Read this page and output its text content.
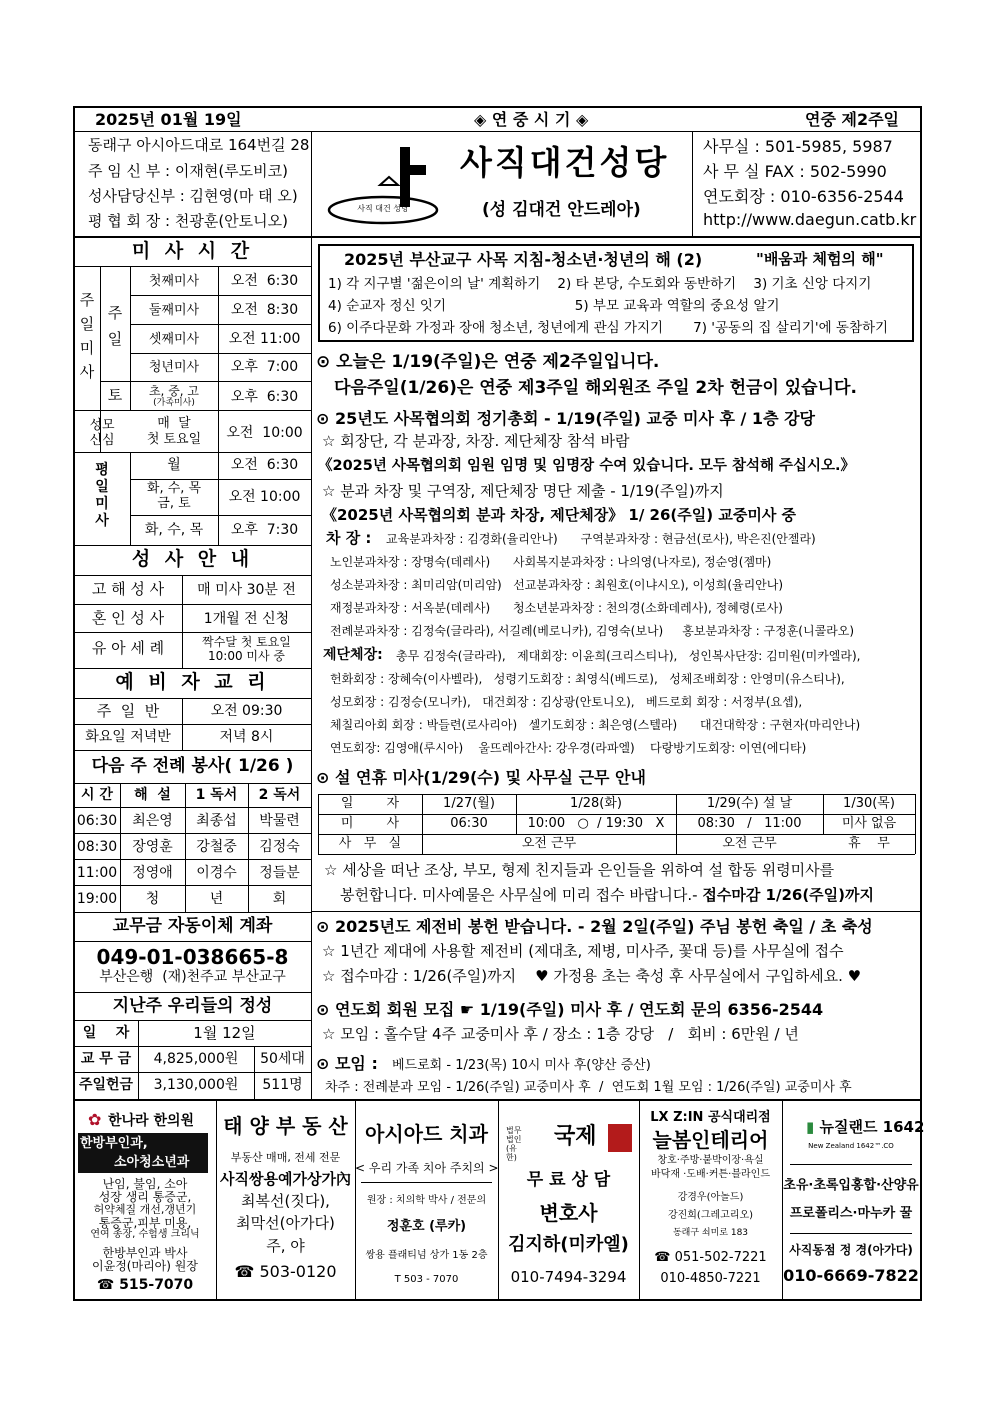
2025년 01월 19일	◈ 연 중 시 기 ◈	연중 제2주일
동래구 아시아드대로 164번길 28
주 임 신 부 : 이재현(루도비코)
성사담당신부 : 김현영(마 태 오)
평 협 회 장 : 천광훈(안토니오)
사직 대건 성당
사직대건성당
(성 김대건 안드레아)
사무실 : 501-5985, 5987
사 무 실 FAX : 502-5990
연도회장 : 010-6356-2544
http://www.daegun.catb.kr
미 사 시 간
주
일
미
사
주
일
토
첫째미사	오전  6:30
둘째미사	오전  8:30
셋째미사	오전 11:00
청년미사	오후  7:00
초, 중, 고
(가족미사)	오후  6:30
성모
신심
매  달
첫 토요일	오전  10:00
평
일
미
사
월	오전  6:30
화, 수, 목
금, 토	오전 10:00
화, 수, 목	오후  7:30
성 사 안 내
고 해 성 사	매 미사 30분 전
혼 인 성 사	1개월 전 신청
유 아 세 례	짝수달 첫 토요일
10:00 미사 중
예 비 자 교 리
주  일  반	오전 09:30
화요일 저녁반	저녁 8시
다음 주 전례 봉사( 1/26 )
시 간	해  설	1 독서	2 독서
06:30	최은영	최종섭	박물련
08:30	장영훈	강철중	김정숙
11:00	정영애	이경수	정들분
19:00	청	년	회
교무금 자동이체 계좌
049-01-038665-8
부산은행  (재)천주교 부산교구
지난주 우리들의 정성
일    자	1월 12일
교 무 금	4,825,000원	50세대
주일헌금	3,130,000원	511명
2025년 부산교구 사목 지침-청소년·청년의 해 (2)	"배움과 체험의 해"
1) 각 지구별 '젊은이의 날' 계획하기    2) 타 본당, 수도회와 동반하기    3) 기초 신앙 다지기
4) 순교자 정신 잇기                              5) 부모 교육과 역할의 중요성 알기
6) 이주다문화 가정과 장애 청소년, 청년에게 관심 가지기       7) '공동의 집 살리기'에 동참하기
⊙ 오늘은 1/19(주일)은 연중 제2주일입니다.
다음주일(1/26)은 연중 제3주일 해외원조 주일 2차 헌금이 있습니다.
⊙ 25년도 사목협의회 정기총회 - 1/19(주일) 교중 미사 후 / 1층 강당
☆ 회장단, 각 분과장, 차장. 제단체장 참석 바람
《2025년 사목협의회 임원 임명 및 임명장 수여 있습니다. 모두 참석해 주십시오.》
☆ 분과 차장 및 구역장, 제단체장 명단 제출 - 1/19(주일)까지
《2025년 사목협의회 분과 차장, 제단체장》 1/ 26(주일) 교중미사 중
차 장 : 교육분과차장 : 김경화(율리안나)      구역분과차장 : 현금선(로사), 박은진(안젤라)
노인분과차장 : 장명숙(데레사)      사회복지분과차장 : 나의영(나자로), 정순영(젬마)
성소분과차장 : 최미리암(미리암)   선교분과차장 : 최원호(이냐시오), 이성희(율리안나)
재정분과차장 : 서옥분(데레사)      청소년분과차장 : 천의경(소화데레사), 정혜령(로사)
전례분과차장 : 김정숙(글라라), 서길례(베로니카), 김영숙(보나)     홍보분과차장 : 구정훈(니콜라오)
제단체장: 총무 김정숙(글라라),   제대회장: 이윤희(크리스티나),   성인복사단장: 김미원(미카엘라),
헌화회장 : 장혜숙(이사벨라),   성령기도회장 : 최영식(베드로),   성체조배회장 : 안영미(유스티나),
성모회장 : 김정승(모니카),   대건회장 : 김상광(안토니오),   베드로회 회장 : 서정부(요셉),
체칠리아회 회장 : 박들련(로사리아)   셀기도회장 : 최은영(스텔라)      대건대학장 : 구현자(마리안나)
연도회장: 김영애(루시아)    울뜨레아간사: 강우경(라파엘)    다랑방기도회장: 이연(에디타)
⊙ 설 연휴 미사(1/29(수) 및 사무실 근무 안내
일        자	1/27(월)	1/28(화)	1/29(수) 설 날	1/30(목)
미        사	06:30	10:00   ○  / 19:30   X	08:30   /   11:00	미사 없음
사   무   실	오전 근무	오전 근무	휴    무
☆ 세상을 떠난 조상, 부모, 형제 친지들과 은인들을 위하여 설 합동 위령미사를
봉헌합니다. 미사예물은 사무실에 미리 접수 바랍니다.- 접수마감 1/26(주일)까지
⊙ 2025년도 제전비 봉헌 받습니다. - 2월 2일(주일) 주님 봉헌 축일 / 초 축성
☆ 1년간 제대에 사용할 제전비 (제대초, 제병, 미사주, 꽃대 등)를 사무실에 접수
☆ 접수마감 : 1/26(주일)까지    ♥ 가정용 초는 축성 후 사무실에서 구입하세요. ♥
⊙ 연도회 회원 모집 ☛ 1/19(주일) 미사 후 / 연도회 문의 6356-2544
☆ 모임 : 홀수달 4주 교중미사 후 / 장소 : 1층 강당   /   회비 : 6만원 / 년
⊙ 모임 : 베드로회 - 1/23(목) 10시 미사 후(양산 증산)
차주 : 전례분과 모임 - 1/26(주일) 교중미사 후  /  연도회 1월 모임 : 1/26(주일) 교중미사 후
✿ 한나라 한의원
한방부인과,
소아청소년과
난임, 불임, 소아
성장 생리 통증군,
허약체질 개선,갱년기
통증군,피부 미용,
연여 종장, 수험생 크리닉
한방부인과 박사
이윤정(마리아) 원장
☎ 515-7070
태 양 부 동 산
부동산 매매, 전세 전문
사직쌍용예가상가內
최복선(짓다),
최막선(아가다)
주, 야
☎ 503-0120
아시아드 치과
< 우리 가족 치아 주치의 >
원장 : 치의학 박사 / 전문의
정훈호 (루카)
쌍용 플래티넘 상가 1동 2층
T 503 - 7070
법무법인(유한)
국제
무 료 상 담
변호사
김지하(미카엘)
010-7494-3294
LX Z:IN 공식대리점
늘봄인테리어
창호·주방·붙박이장·욕실
바닥재 ·도배·커튼·블라인드
강경우(아놀드)
강진희(그레고리오)
동래구 쇠미로 183
☎ 051-502-7221
010-4850-7221
▮ 뉴질랜드 1642
New Zealand 1642™.CO
초유·초록입홍합·산양유
프로폴리스·마누카 꿀
사직동점 정 경(아가다)
010-6669-7822
